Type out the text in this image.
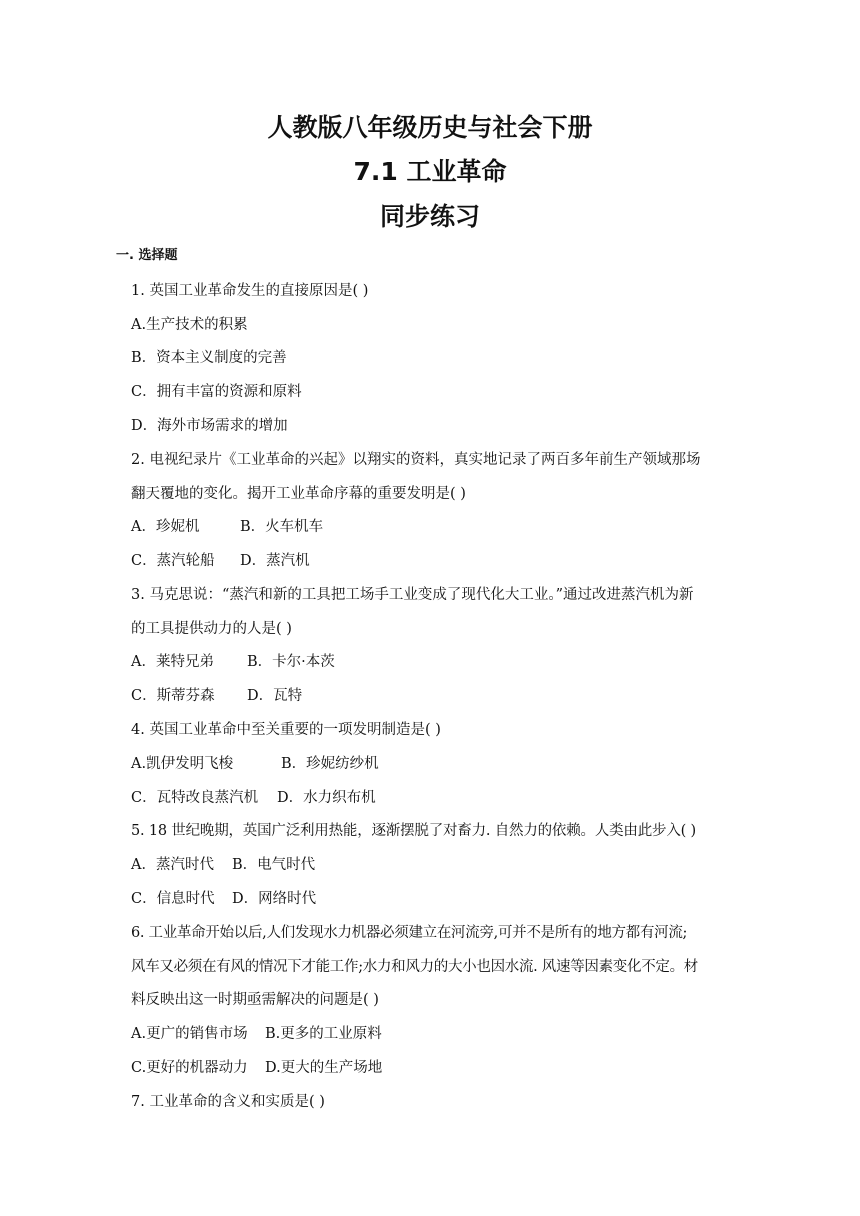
人教版八年级历史与社会下册
7.1 工业革命
同步练习
一. 选择题
1. 英国工业革命发生的直接原因是( )
A.生产技术的积累
B．资本主义制度的完善
C．拥有丰富的资源和原料
D．海外市场需求的增加
2. 电视纪录片《工业革命的兴起》以翔实的资料，真实地记录了两百多年前生产领域那场
翻天覆地的变化。揭开工业革命序幕的重要发明是( )
A．珍妮机	B．火车机车
C．蒸汽轮船 D．蒸汽机
3. 马克思说：“蒸汽和新的工具把工场手工业变成了现代化大工业。”通过改进蒸汽机为新
的工具提供动力的人是( )
A．莱特兄弟 B．卡尔·本茨
C．斯蒂芬森 D．瓦特
4. 英国工业革命中至关重要的一项发明制造是( )
A.凯伊发明飞梭	B．珍妮纺纱机
C．瓦特改良蒸汽机 D．水力织布机
5. 18 世纪晚期，英国广泛利用热能，逐渐摆脱了对畜力. 自然力的依赖。人类由此步入( )
A．蒸汽时代 B．电气时代
C．信息时代 D．网络时代
6. 工业革命开始以后,人们发现水力机器必须建立在河流旁,可并不是所有的地方都有河流;
风车又必须在有风的情况下才能工作;水力和风力的大小也因水流. 风速等因素变化不定。材
料反映出这一时期亟需解决的问题是( )
A.更广的销售市场 B.更多的工业原料
C.更好的机器动力 D.更大的生产场地
7. 工业革命的含义和实质是( )
